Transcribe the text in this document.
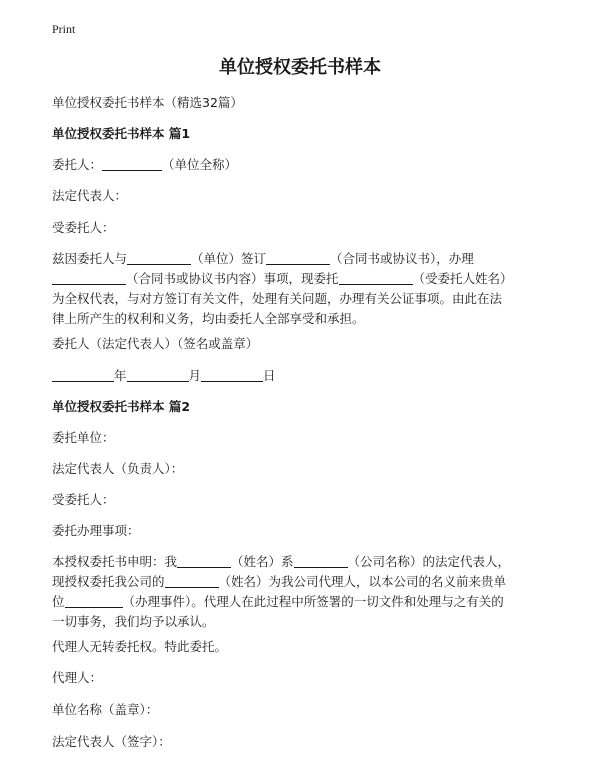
Print
单位授权委托书样本
单位授权委托书样本（精选32篇）
单位授权委托书样本 篇1
委托人：	（单位全称）
法定代表人：
受委托人：
兹因委托人与	（单位）签订	（合同书或协议书），办理
（合同书或协议书内容）事项，现委托	（受委托人姓名）
为全权代表，与对方签订有关文件，处理有关问题，办理有关公证事项。由此在法
律上所产生的权利和义务，均由委托人全部享受和承担。
委托人（法定代表人）（签名或盖章）
年	月	日
单位授权委托书样本 篇2
委托单位：
法定代表人（负责人）：
受委托人：
委托办理事项：
本授权委托书申明：我	（姓名）系	（公司名称）的法定代表人，
现授权委托我公司的	（姓名）为我公司代理人，以本公司的名义前来贵单
位	（办理事件）。代理人在此过程中所签署的一切文件和处理与之有关的
一切事务，我们均予以承认。
代理人无转委托权。特此委托。
代理人：
单位名称（盖章）：
法定代表人（签字）：
